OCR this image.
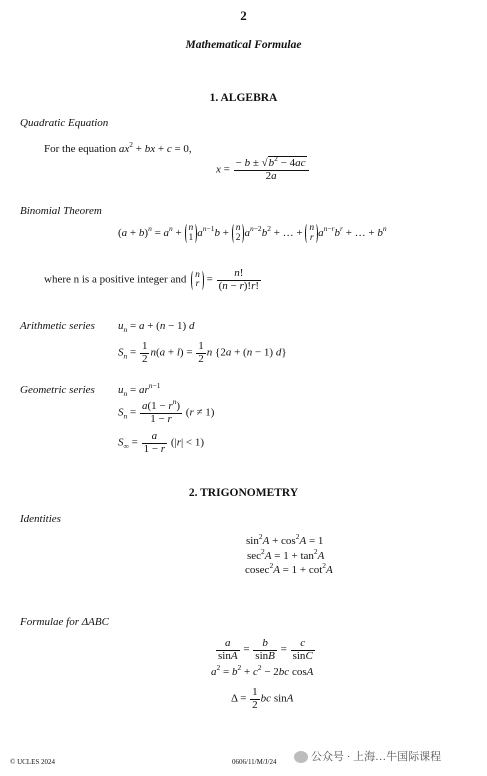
2
Mathematical Formulae
1. ALGEBRA
Quadratic Equation
For the equation $ax^2$ + bx + c = 0,
$x = \frac{- b \pm √b^2 - 4ac}{2a}$
Binomial Theorem
$(a + b)^n = a^n + n$
1 $a^{n-1}b + n$
2 $a^{n-2}b^2$ + … + n
r $a^{n-r}b^r$ + … + $b^n$
where n is a positive integer and n
$r = \frac{n!}{(n - r)!r!}$
Arithmetic series $u_n = a + (n - 1)$ d
$S_n = \frac{1}{2} n(a + l) = \frac{1}{2}$ n {2a + (n − 1) d}
Geometric series $u_n = ar^{n-1}$
$S_n = \frac{a(1 - r^n)}{1 - r} (r \ne 1)$
$S_\infty = \frac{a}{1 - r} (|r| < 1)$
2. TRIGONOMETRY
Identities
$\sin^2A + \cos^2A = 1$
$\sec^2A = 1 + \tan^2A$
$cosec^2A = 1 + \cot^2A$
Formulae for ΔABC
$\frac{a}{\sin A} = \frac{b}{\sin B} = \frac{c}{\sin C}$
$a^2 = b^2 + c^2 - 2bc$ cosA
$\Delta = \frac{1}{2}$ bc sinA
© UCLES 2024	0606/11/M/J/24	公众号 · 上海…牛国际课程
